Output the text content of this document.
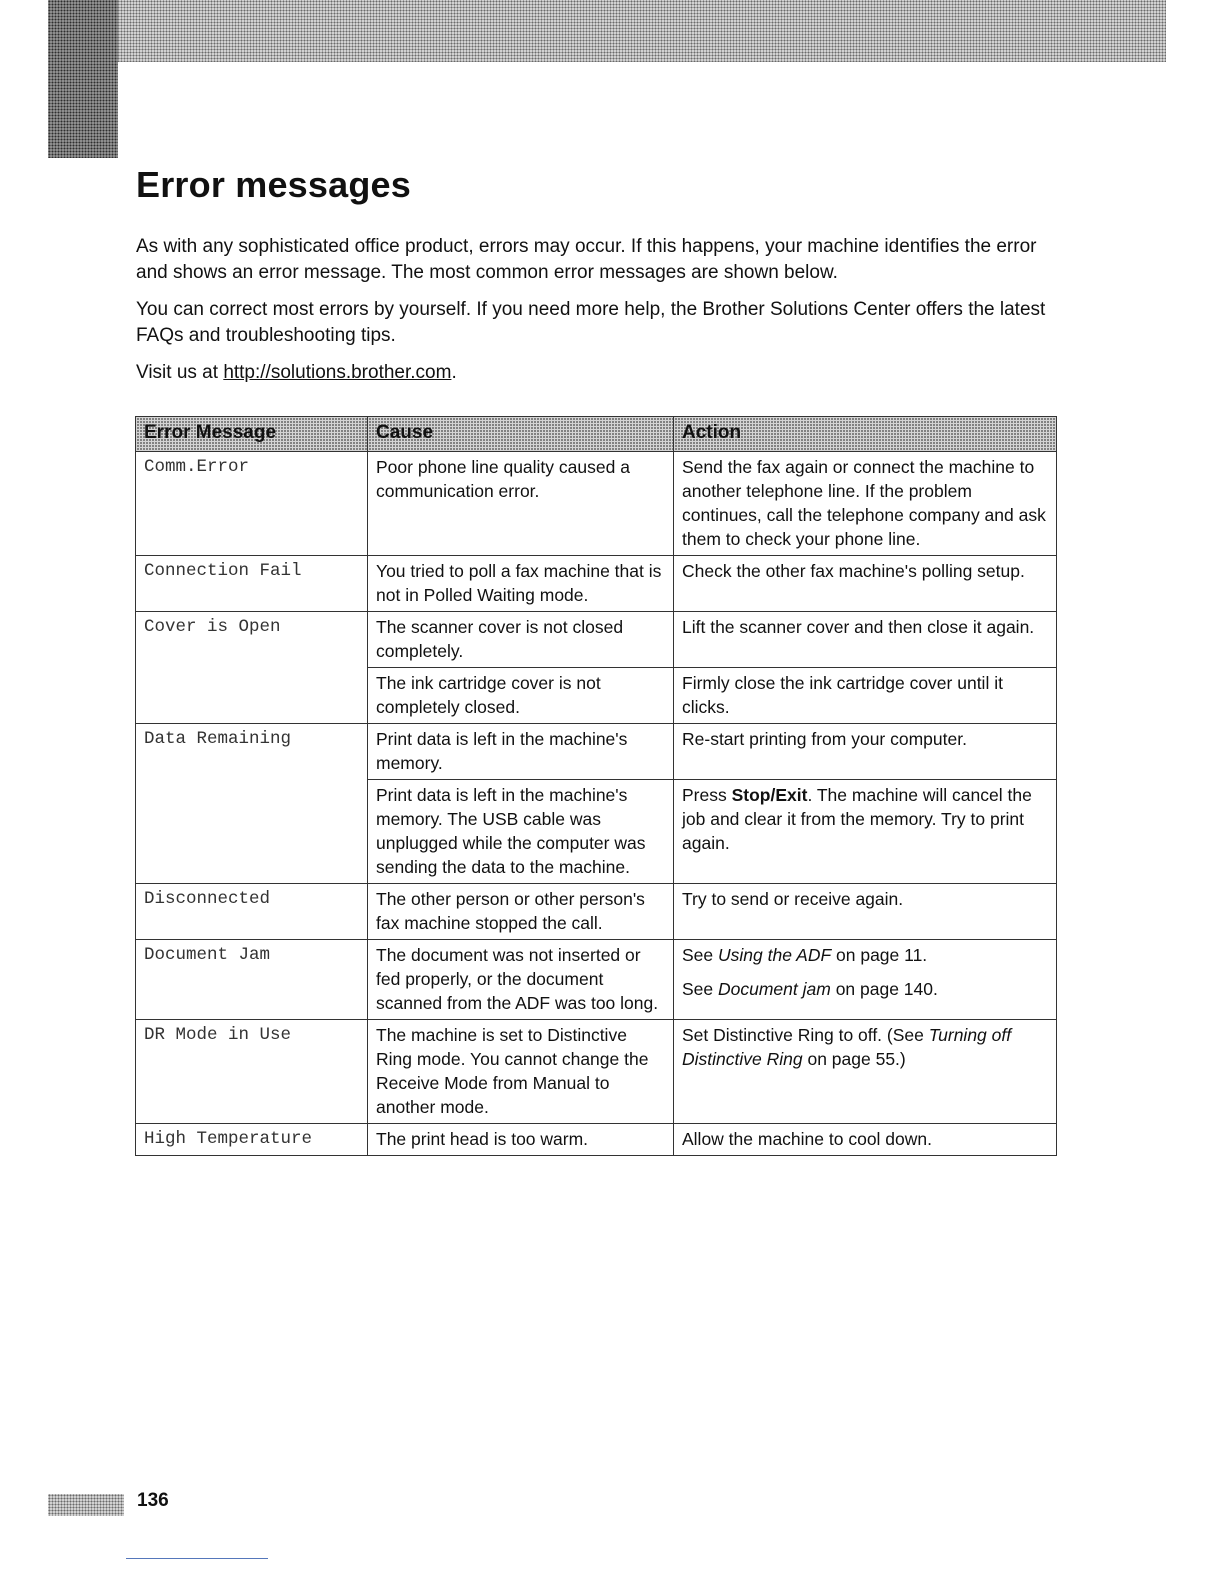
Error messages

As with any sophisticated office product, errors may occur. If this happens, your machine identifies the error and shows an error message. The most common error messages are shown below.

You can correct most errors by yourself. If you need more help, the Brother Solutions Center offers the latest FAQs and troubleshooting tips.

Visit us at http://solutions.brother.com.

Error Message	Cause	Action
Comm.Error	Poor phone line quality caused a communication error.	Send the fax again or connect the machine to another telephone line. If the problem continues, call the telephone company and ask them to check your phone line.
Connection Fail	You tried to poll a fax machine that is not in Polled Waiting mode.	Check the other fax machine's polling setup.
Cover is Open	The scanner cover is not closed completely.	Lift the scanner cover and then close it again.
	The ink cartridge cover is not completely closed.	Firmly close the ink cartridge cover until it clicks.
Data Remaining	Print data is left in the machine's memory.	Re-start printing from your computer.
	Print data is left in the machine's memory. The USB cable was unplugged while the computer was sending the data to the machine.	Press Stop/Exit. The machine will cancel the job and clear it from the memory. Try to print again.
Disconnected	The other person or other person's fax machine stopped the call.	Try to send or receive again.
Document Jam	The document was not inserted or fed properly, or the document scanned from the ADF was too long.	See Using the ADF on page 11.

See Document jam on page 140.

DR Mode in Use	The machine is set to Distinctive Ring mode. You cannot change the Receive Mode from Manual to another mode.	Set Distinctive Ring to off. (See Turning off Distinctive Ring on page 55.)
High Temperature	The print head is too warm.	Allow the machine to cool down.
136
